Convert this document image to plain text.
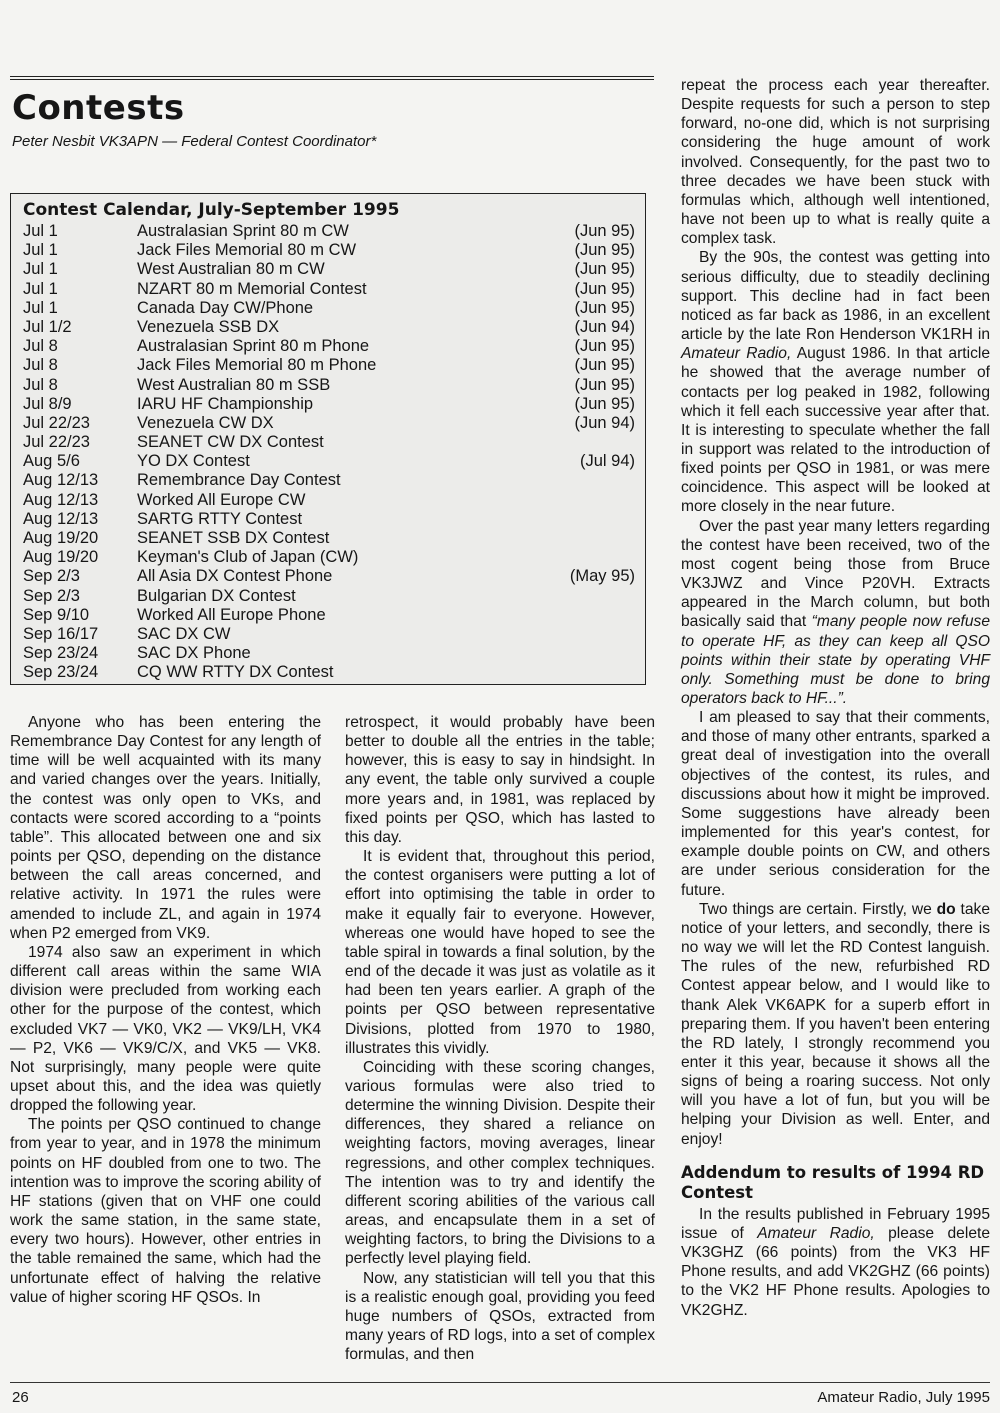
Contests
Peter Nesbit VK3APN — Federal Contest Coordinator*
Contest Calendar, July-September 1995
Jul 1	Australasian Sprint 80 m CW	(Jun 95)
Jul 1	Jack Files Memorial 80 m CW	(Jun 95)
Jul 1	West Australian 80 m CW	(Jun 95)
Jul 1	NZART 80 m Memorial Contest	(Jun 95)
Jul 1	Canada Day CW/Phone	(Jun 95)
Jul 1/2	Venezuela SSB DX	(Jun 94)
Jul 8	Australasian Sprint 80 m Phone	(Jun 95)
Jul 8	Jack Files Memorial 80 m Phone	(Jun 95)
Jul 8	West Australian 80 m SSB	(Jun 95)
Jul 8/9	IARU HF Championship	(Jun 95)
Jul 22/23	Venezuela CW DX	(Jun 94)
Jul 22/23	SEANET CW DX Contest
Aug 5/6	YO DX Contest	(Jul 94)
Aug 12/13	Remembrance Day Contest
Aug 12/13	Worked All Europe CW
Aug 12/13	SARTG RTTY Contest
Aug 19/20	SEANET SSB DX Contest
Aug 19/20	Keyman's Club of Japan (CW)
Sep 2/3	All Asia DX Contest Phone	(May 95)
Sep 2/3	Bulgarian DX Contest
Sep 9/10	Worked All Europe Phone
Sep 16/17	SAC DX CW
Sep 23/24	SAC DX Phone
Sep 23/24	CQ WW RTTY DX Contest

Anyone who has been entering the Remembrance Day Contest for any length of time will be well acquainted with its many and varied changes over the years. Initially, the contest was only open to VKs, and contacts were scored according to a “points table”. This allocated between one and six points per QSO, depending on the distance between the call areas concerned, and relative activity. In 1971 the rules were amended to include ZL, and again in 1974 when P2 emerged from VK9.

1974 also saw an experiment in which different call areas within the same WIA division were precluded from working each other for the purpose of the contest, which excluded VK7 — VK0, VK2 — VK9/LH, VK4 — P2, VK6 — VK9/C/X, and VK5 — VK8. Not surprisingly, many people were quite upset about this, and the idea was quietly dropped the following year.

The points per QSO continued to change from year to year, and in 1978 the minimum points on HF doubled from one to two. The intention was to improve the scoring ability of HF stations (given that on VHF one could work the same station, in the same state, every two hours). However, other entries in the table remained the same, which had the unfortunate effect of halving the relative value of higher scoring HF QSOs. In

retrospect, it would probably have been better to double all the entries in the table; however, this is easy to say in hindsight. In any event, the table only survived a couple more years and, in 1981, was replaced by fixed points per QSO, which has lasted to this day.

It is evident that, throughout this period, the contest organisers were putting a lot of effort into optimising the table in order to make it equally fair to everyone. However, whereas one would have hoped to see the table spiral in towards a final solution, by the end of the decade it was just as volatile as it had been ten years earlier. A graph of the points per QSO between representative Divisions, plotted from 1970 to 1980, illustrates this vividly.

Coinciding with these scoring changes, various formulas were also tried to determine the winning Division. Despite their differences, they shared a reliance on weighting factors, moving averages, linear regressions, and other complex techniques. The intention was to try and identify the different scoring abilities of the various call areas, and encapsulate them in a set of weighting factors, to bring the Divisions to a perfectly level playing field.

Now, any statistician will tell you that this is a realistic enough goal, providing you feed huge numbers of QSOs, extracted from many years of RD logs, into a set of complex formulas, and then

repeat the process each year thereafter. Despite requests for such a person to step forward, no-one did, which is not surprising considering the huge amount of work involved. Consequently, for the past two to three decades we have been stuck with formulas which, although well intentioned, have not been up to what is really quite a complex task.

By the 90s, the contest was getting into serious difficulty, due to steadily declining support. This decline had in fact been noticed as far back as 1986, in an excellent article by the late Ron Henderson VK1RH in Amateur Radio, August 1986. In that article he showed that the average number of contacts per log peaked in 1982, following which it fell each successive year after that. It is interesting to speculate whether the fall in support was related to the introduction of fixed points per QSO in 1981, or was mere coincidence. This aspect will be looked at more closely in the near future.

Over the past year many letters regarding the contest have been received, two of the most cogent being those from Bruce VK3JWZ and Vince P20VH. Extracts appeared in the March column, but both basically said that “many people now refuse to operate HF, as they can keep all QSO points within their state by operating VHF only. Something must be done to bring operators back to HF...”.

I am pleased to say that their comments, and those of many other entrants, sparked a great deal of investigation into the overall objectives of the contest, its rules, and discussions about how it might be improved. Some suggestions have already been implemented for this year's contest, for example double points on CW, and others are under serious consideration for the future.

Two things are certain. Firstly, we do take notice of your letters, and secondly, there is no way we will let the RD Contest languish. The rules of the new, refurbished RD Contest appear below, and I would like to thank Alek VK6APK for a superb effort in preparing them. If you haven't been entering the RD lately, I strongly recommend you enter it this year, because it shows all the signs of being a roaring success. Not only will you have a lot of fun, but you will be helping your Division as well. Enter, and enjoy!

Addendum to results of 1994 RD Contest

In the results published in February 1995 issue of Amateur Radio, please delete VK3GHZ (66 points) from the VK3 HF Phone results, and add VK2GHZ (66 points) to the VK2 HF Phone results. Apologies to VK2GHZ.

26	Amateur Radio, July 1995
